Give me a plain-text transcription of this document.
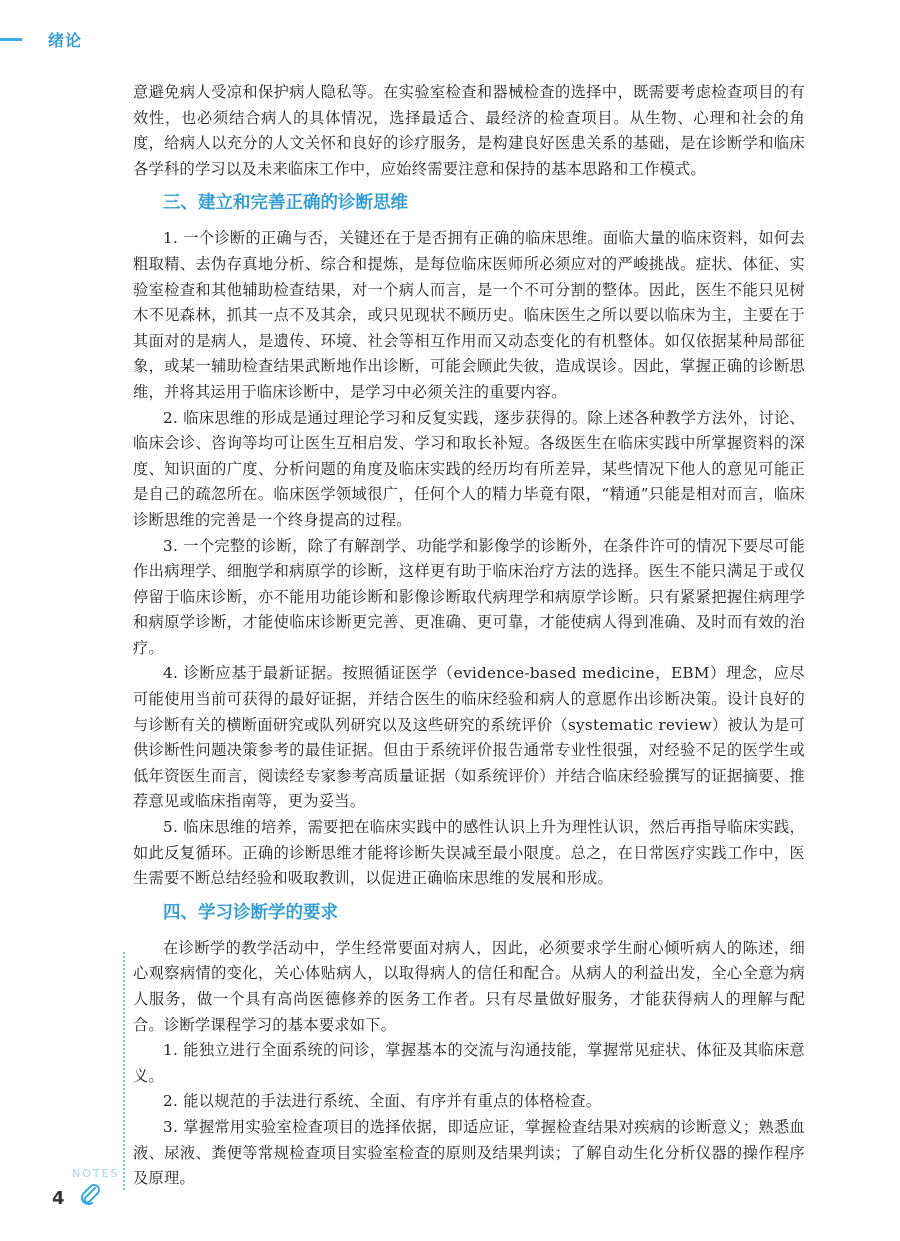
绪论

意避免病人受凉和保护病人隐私等。在实验室检查和器械检查的选择中，既需要考虑检查项目的有效性，也必须结合病人的具体情况，选择最适合、最经济的检查项目。从生物、心理和社会的角度，给病人以充分的人文关怀和良好的诊疗服务，是构建良好医患关系的基础，是在诊断学和临床各学科的学习以及未来临床工作中，应始终需要注意和保持的基本思路和工作模式。

三、建立和完善正确的诊断思维

1. 一个诊断的正确与否，关键还在于是否拥有正确的临床思维。面临大量的临床资料，如何去粗取精、去伪存真地分析、综合和提炼，是每位临床医师所必须应对的严峻挑战。症状、体征、实验室检查和其他辅助检查结果，对一个病人而言，是一个不可分割的整体。因此，医生不能只见树木不见森林，抓其一点不及其余，或只见现状不顾历史。临床医生之所以要以临床为主，主要在于其面对的是病人，是遗传、环境、社会等相互作用而又动态变化的有机整体。如仅依据某种局部征象，或某一辅助检查结果武断地作出诊断，可能会顾此失彼，造成误诊。因此，掌握正确的诊断思维，并将其运用于临床诊断中，是学习中必须关注的重要内容。

2. 临床思维的形成是通过理论学习和反复实践，逐步获得的。除上述各种教学方法外，讨论、临床会诊、咨询等均可让医生互相启发、学习和取长补短。各级医生在临床实践中所掌握资料的深度、知识面的广度、分析问题的角度及临床实践的经历均有所差异，某些情况下他人的意见可能正是自己的疏忽所在。临床医学领域很广，任何个人的精力毕竟有限，“精通”只能是相对而言，临床诊断思维的完善是一个终身提高的过程。

3. 一个完整的诊断，除了有解剖学、功能学和影像学的诊断外，在条件许可的情况下要尽可能作出病理学、细胞学和病原学的诊断，这样更有助于临床治疗方法的选择。医生不能只满足于或仅停留于临床诊断，亦不能用功能诊断和影像诊断取代病理学和病原学诊断。只有紧紧把握住病理学和病原学诊断，才能使临床诊断更完善、更准确、更可靠，才能使病人得到准确、及时而有效的治疗。

4. 诊断应基于最新证据。按照循证医学（evidence-based medicine，EBM）理念，应尽可能使用当前可获得的最好证据，并结合医生的临床经验和病人的意愿作出诊断决策。设计良好的与诊断有关的横断面研究或队列研究以及这些研究的系统评价（systematic review）被认为是可供诊断性问题决策参考的最佳证据。但由于系统评价报告通常专业性很强，对经验不足的医学生或低年资医生而言，阅读经专家参考高质量证据（如系统评价）并结合临床经验撰写的证据摘要、推荐意见或临床指南等，更为妥当。

5. 临床思维的培养，需要把在临床实践中的感性认识上升为理性认识，然后再指导临床实践，如此反复循环。正确的诊断思维才能将诊断失误减至最小限度。总之，在日常医疗实践工作中，医生需要不断总结经验和吸取教训，以促进正确临床思维的发展和形成。

四、学习诊断学的要求

在诊断学的教学活动中，学生经常要面对病人，因此，必须要求学生耐心倾听病人的陈述，细心观察病情的变化，关心体贴病人，以取得病人的信任和配合。从病人的利益出发，全心全意为病人服务，做一个具有高尚医德修养的医务工作者。只有尽量做好服务，才能获得病人的理解与配合。诊断学课程学习的基本要求如下。

1. 能独立进行全面系统的问诊，掌握基本的交流与沟通技能，掌握常见症状、体征及其临床意义。

2. 能以规范的手法进行系统、全面、有序并有重点的体格检查。

3. 掌握常用实验室检查项目的选择依据，即适应证，掌握检查结果对疾病的诊断意义；熟悉血液、尿液、粪便等常规检查项目实验室检查的原则及结果判读；了解自动生化分析仪器的操作程序及原理。

NOTES
4
